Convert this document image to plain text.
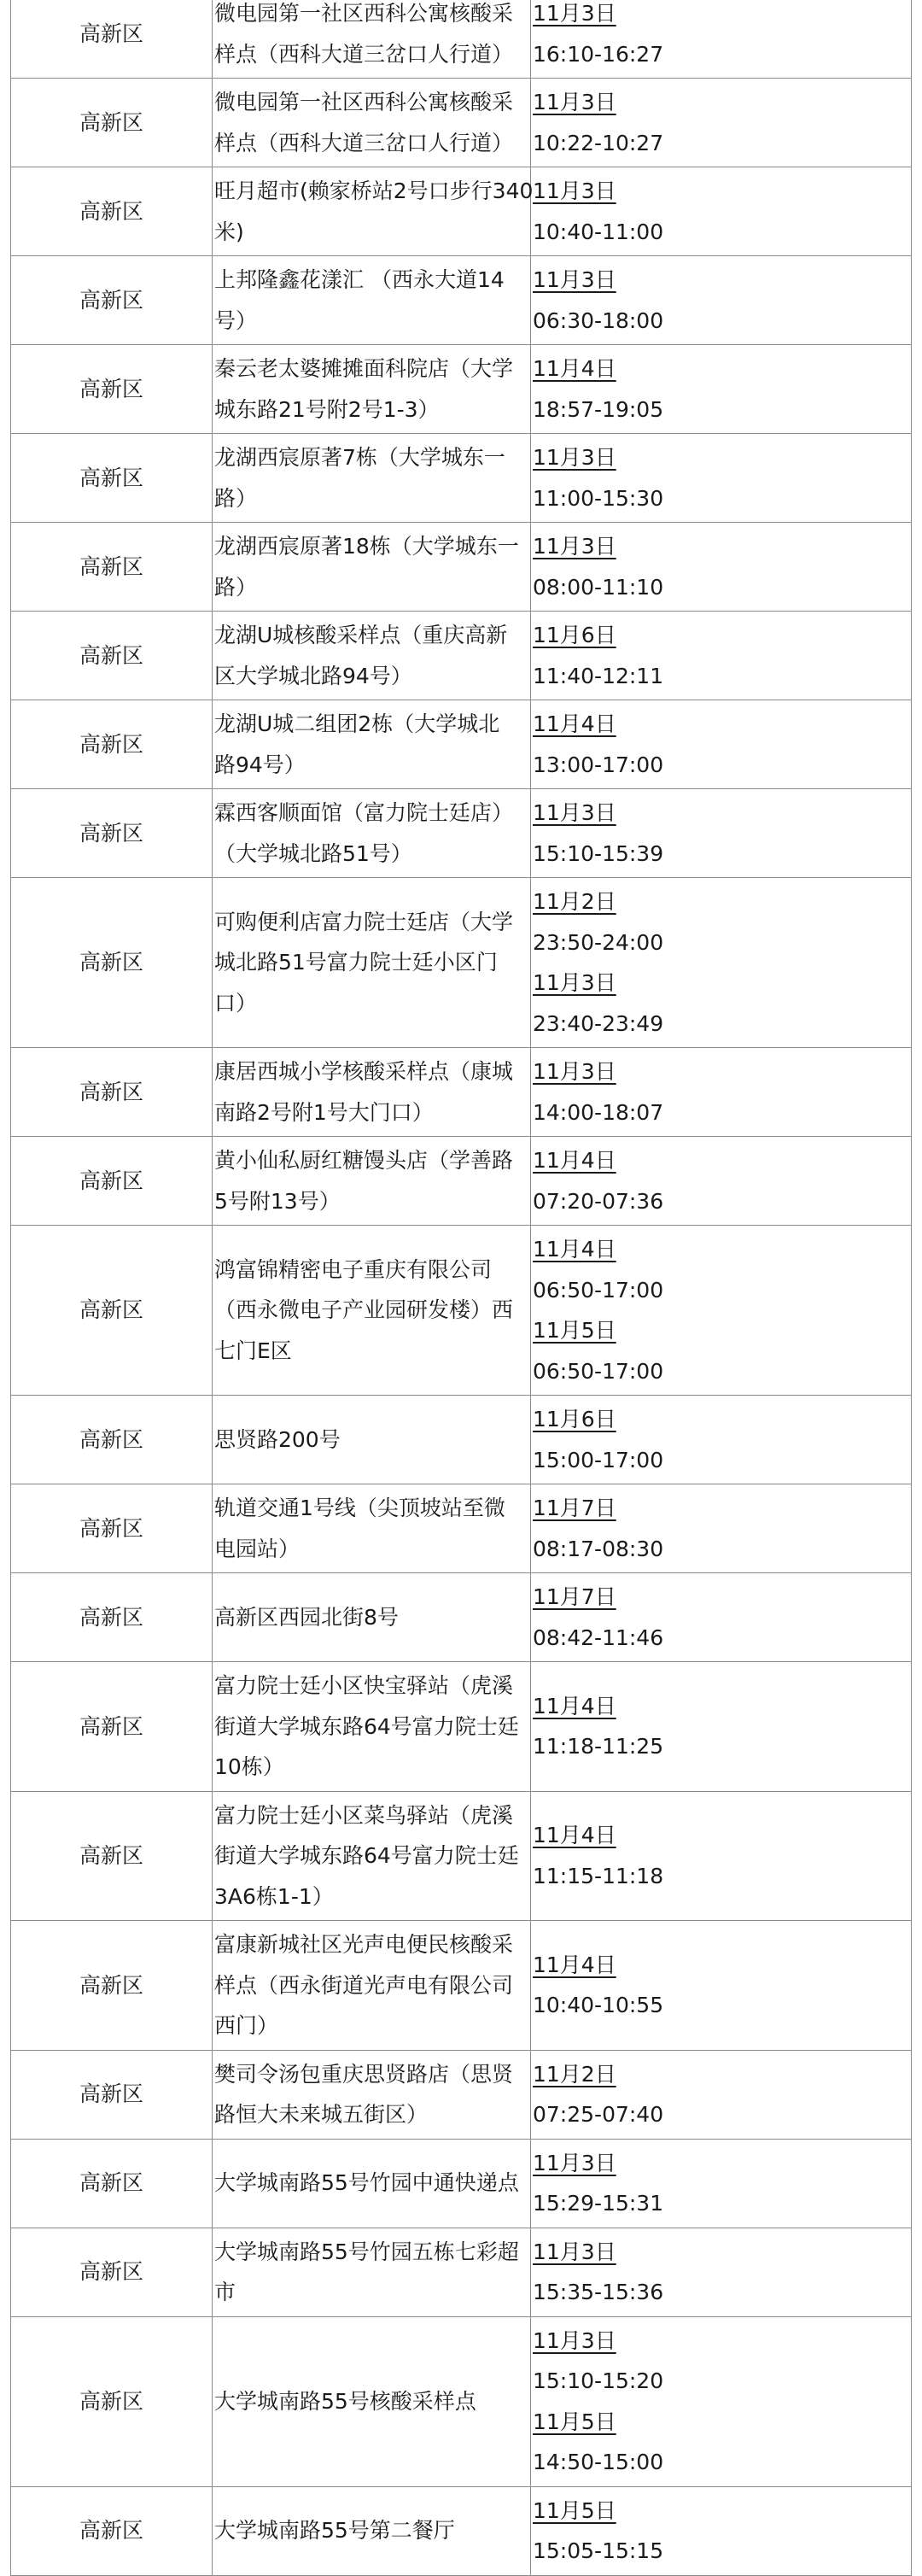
高新区	微电园第一社区西科公寓核酸采
样点（西科大道三岔口人行道）	11月3日
16:10-16:27

高新区	微电园第一社区西科公寓核酸采
样点（西科大道三岔口人行道）	11月3日
10:22-10:27

高新区	旺月超市(赖家桥站2号口步行340
米)	11月3日
10:40-11:00

高新区	上邦隆鑫花漾汇 （西永大道14
号）	11月3日
06:30-18:00

高新区	秦云老太婆摊摊面科院店（大学
城东路21号附2号1-3）	11月4日
18:57-19:05

高新区	龙湖西宸原著7栋（大学城东一
路）	11月3日
11:00-15:30

高新区	龙湖西宸原著18栋（大学城东一
路）	11月3日
08:00-11:10

高新区	龙湖U城核酸采样点（重庆高新
区大学城北路94号）	11月6日
11:40-12:11

高新区	龙湖U城二组团2栋（大学城北
路94号）	11月4日
13:00-17:00

高新区	霖西客顺面馆（富力院士廷店）
（大学城北路51号）	11月3日
15:10-15:39

高新区	可购便利店富力院士廷店（大学
城北路51号富力院士廷小区门
口）	11月2日
23:50-24:00
11月3日
23:40-23:49

高新区	康居西城小学核酸采样点（康城
南路2号附1号大门口）	11月3日
14:00-18:07

高新区	黄小仙私厨红糖馒头店（学善路
5号附13号）	11月4日
07:20-07:36

高新区	鸿富锦精密电子重庆有限公司
（西永微电子产业园研发楼）西
七门E区	11月4日
06:50-17:00
11月5日
06:50-17:00

高新区	思贤路200号	11月6日
15:00-17:00

高新区	轨道交通1号线（尖顶坡站至微
电园站）	11月7日
08:17-08:30

高新区	高新区西园北街8号	11月7日
08:42-11:46

高新区	富力院士廷小区快宝驿站（虎溪
街道大学城东路64号富力院士廷
10栋）	11月4日
11:18-11:25

高新区	富力院士廷小区菜鸟驿站（虎溪
街道大学城东路64号富力院士廷
3A6栋1-1）	11月4日
11:15-11:18

高新区	富康新城社区光声电便民核酸采
样点（西永街道光声电有限公司
西门）	11月4日
10:40-10:55

高新区	樊司令汤包重庆思贤路店（思贤
路恒大未来城五街区）	11月2日
07:25-07:40

高新区	大学城南路55号竹园中通快递点	11月3日
15:29-15:31

高新区	大学城南路55号竹园五栋七彩超
市	11月3日
15:35-15:36

高新区	大学城南路55号核酸采样点	11月3日
15:10-15:20
11月5日
14:50-15:00

高新区	大学城南路55号第二餐厅	11月5日
15:05-15:15
